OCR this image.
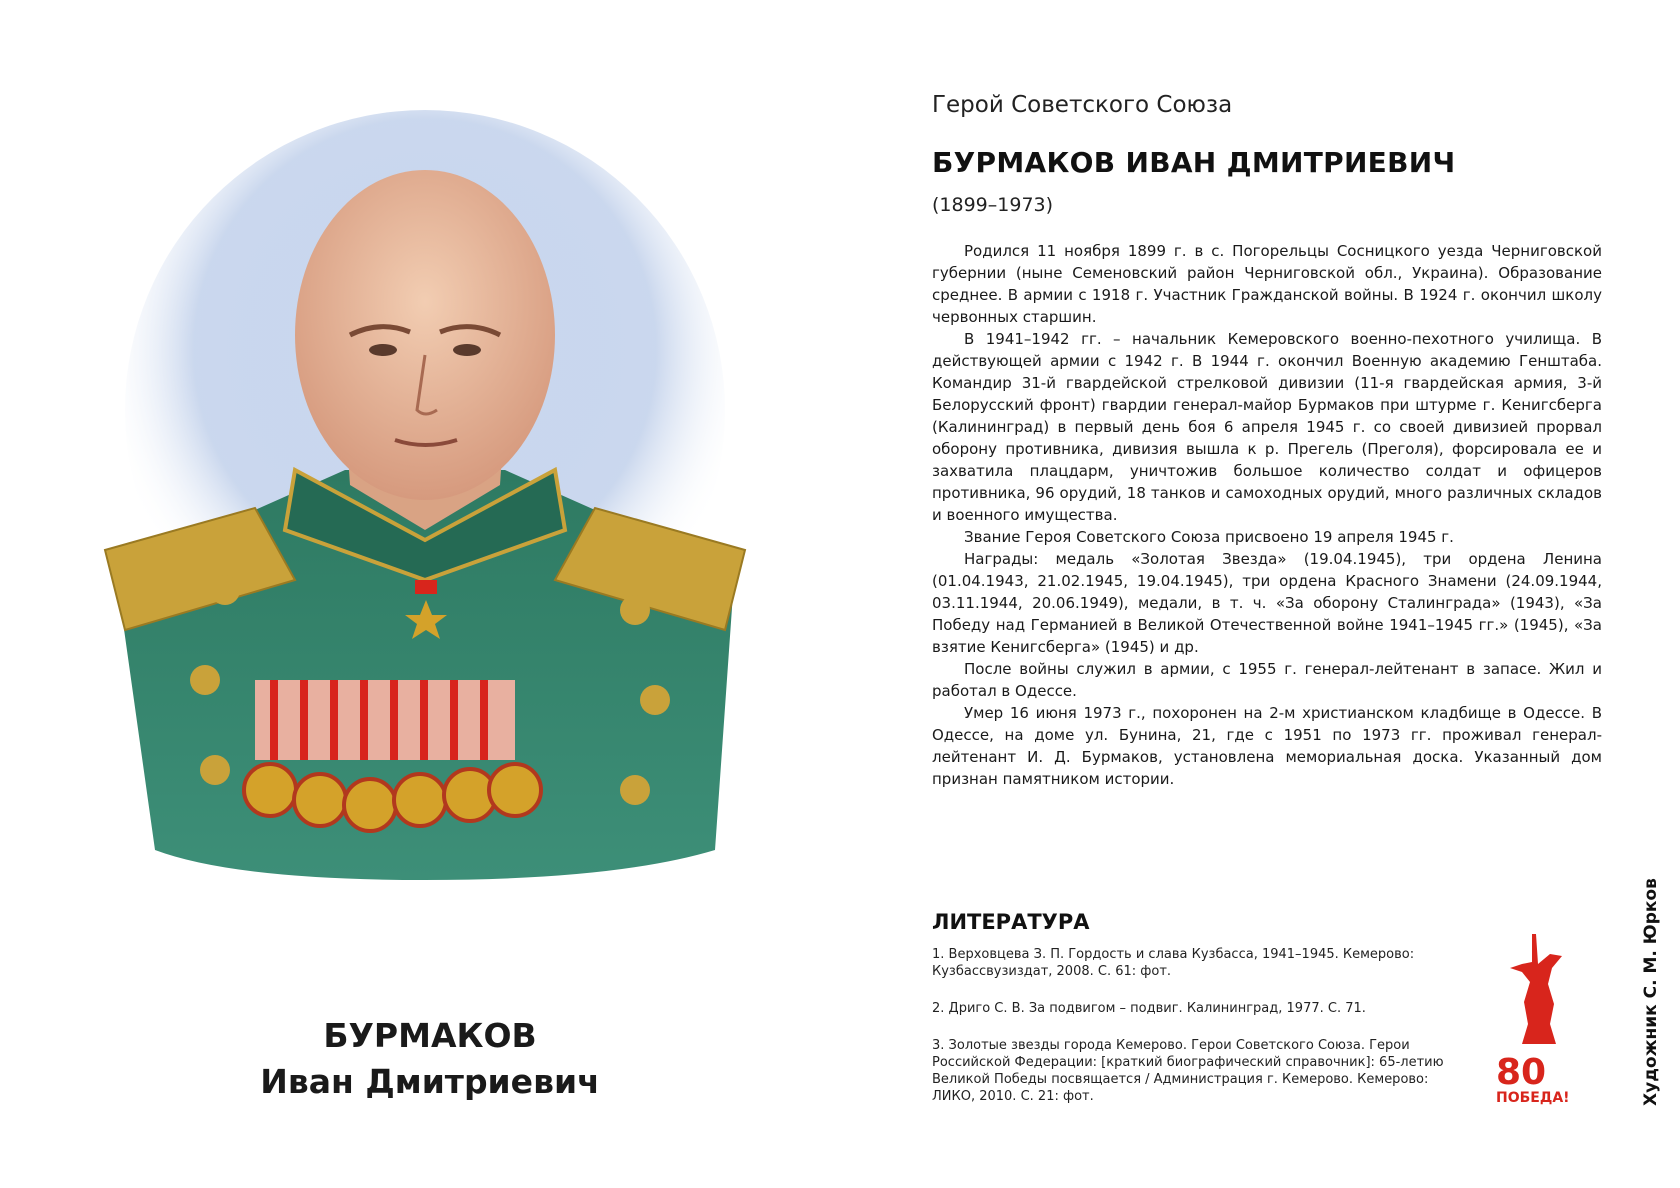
БУРМАКОВ
Иван Дмитриевич
Герой Советского Союза
БУРМАКОВ ИВАН ДМИТРИЕВИЧ
(1899–1973)

Родился 11 ноября 1899 г. в с. Погорельцы Сосницкого уезда Черниговской губернии (ныне Семеновский район Черниговской обл., Украина). Образование среднее. В армии с 1918 г. Участник Гражданской войны. В 1924 г. окончил школу червонных старшин.

В 1941–1942 гг. – начальник Кемеровского военно-пехотного училища. В действующей армии с 1942 г. В 1944 г. окончил Военную академию Генштаба. Командир 31-й гвардейской стрелковой дивизии (11-я гвардейская армия, 3-й Белорусский фронт) гвардии генерал-майор Бурмаков при штурме г. Кенигсберга (Калининград) в первый день боя 6 апреля 1945 г. со своей дивизией прорвал оборону противника, дивизия вышла к р. Прегель (Преголя), форсировала ее и захватила плацдарм, уничтожив большое количество солдат и офицеров противника, 96 орудий, 18 танков и самоходных орудий, много различных складов и военного имущества.

Звание Героя Советского Союза присвоено 19 апреля 1945 г.

Награды: медаль «Золотая Звезда» (19.04.1945), три ордена Ленина (01.04.1943, 21.02.1945, 19.04.1945), три ордена Красного Знамени (24.09.1944, 03.11.1944, 20.06.1949), медали, в т. ч. «За оборону Сталинграда» (1943), «За Победу над Германией в Великой Отечественной войне 1941–1945 гг.» (1945), «За взятие Кенигсберга» (1945) и др.

После войны служил в армии, с 1955 г. генерал-лейтенант в запасе. Жил и работал в Одессе.

Умер 16 июня 1973 г., похоронен на 2-м христианском кладбище в Одессе. В Одессе, на доме ул. Бунина, 21, где с 1951 по 1973 гг. проживал генерал-лейтенант И. Д. Бурмаков, установлена мемориальная доска. Указанный дом признан памятником истории.

ЛИТЕРАТУРА
1. Верховцева З. П. Гордость и слава Кузбасса, 1941–1945. Кемерово: Кузбассвузиздат, 2008. С. 61: фот.
2. Дриго С. В. За подвигом – подвиг. Калининград, 1977. С. 71.
3. Золотые звезды города Кемерово. Герои Советского Союза. Герои Российской Федерации: [краткий биографический справочник]: 65-летию Великой Победы посвящается / Администрация г. Кемерово. Кемерово: ЛИКО, 2010. С. 21: фот.
80
ПОБЕДА!	Художник С. М. Юрков
